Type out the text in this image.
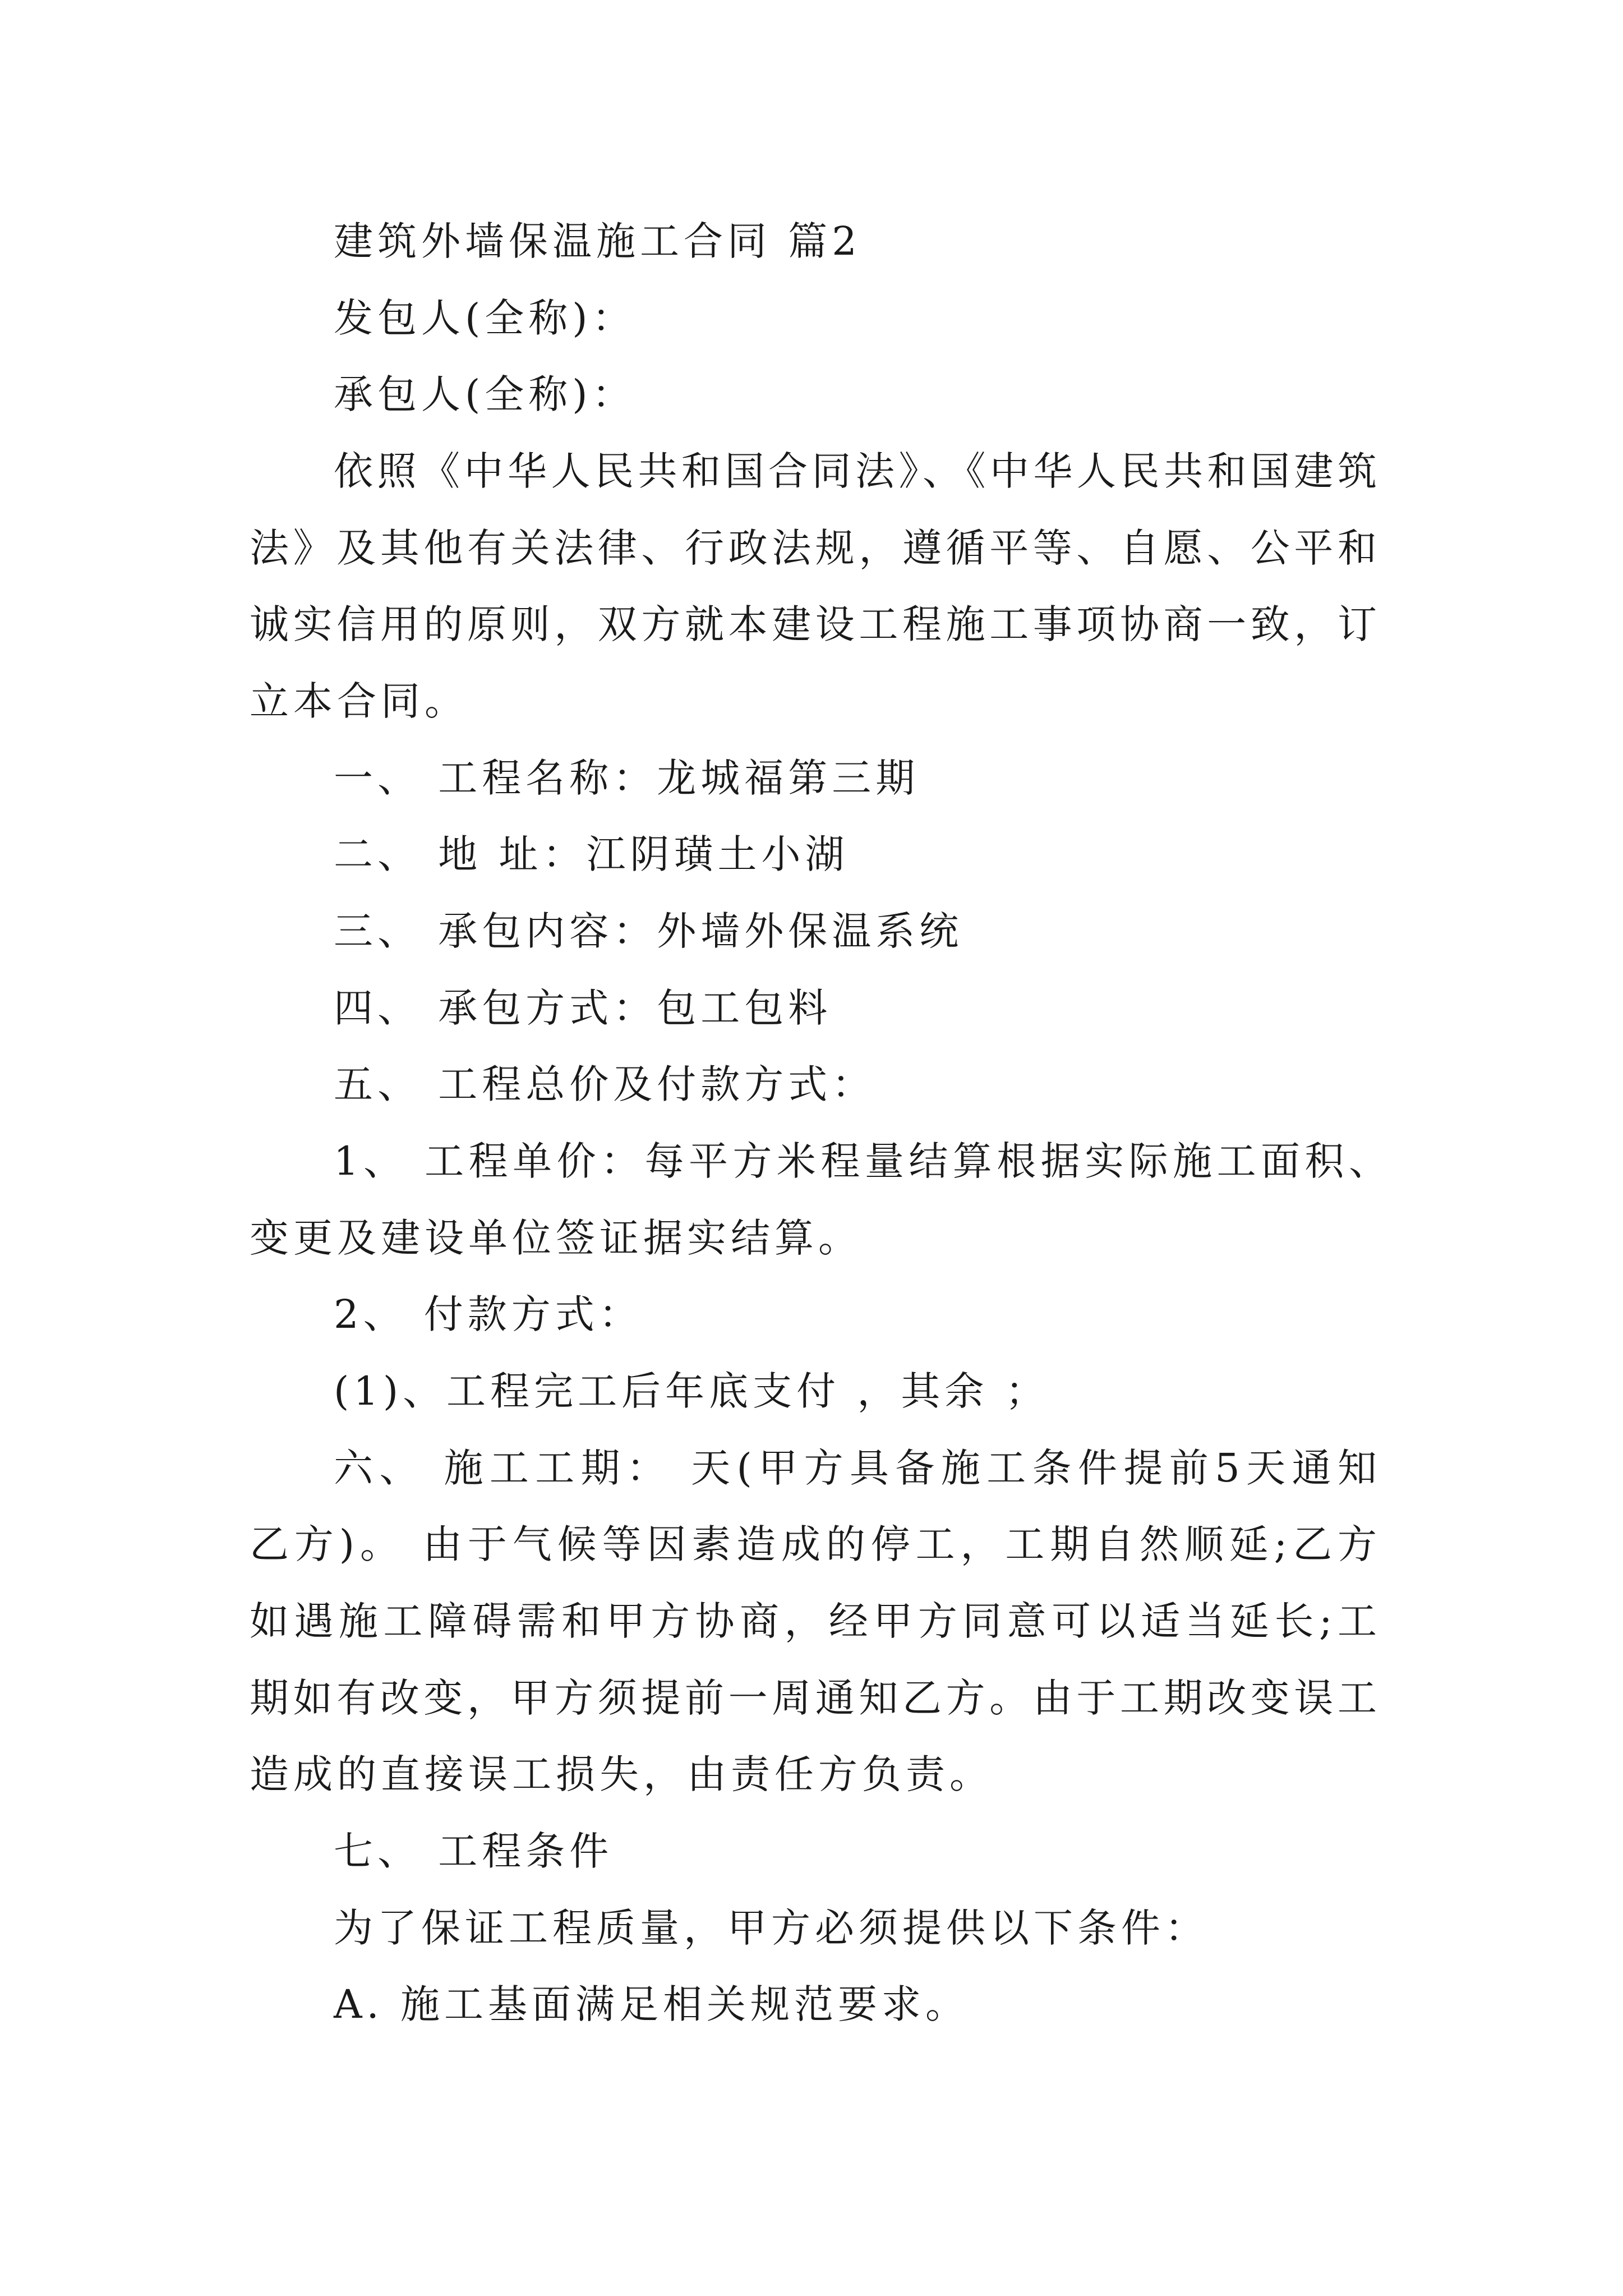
建筑外墙保温施工合同 篇2
发包人(全称)：
承包人(全称)：
依照《中华人民共和国合同法》、《中华人民共和国建筑
法》及其他有关法律、行政法规，遵循平等、自愿、公平和
诚实信用的原则，双方就本建设工程施工事项协商一致，订
立本合同。
一、 工程名称：龙城福第三期
二、 地 址：江阴璜土小湖
三、 承包内容：外墙外保温系统
四、 承包方式：包工包料
五、 工程总价及付款方式：
1、 工程单价：每平方米程量结算根据实际施工面积、
变更及建设单位签证据实结算。
2、 付款方式：
(1)、工程完工后年底支付 ，其余 ；
六、 施工工期： 天(甲方具备施工条件提前5天通知
乙方)。 由于气候等因素造成的停工，工期自然顺延;乙方
如遇施工障碍需和甲方协商，经甲方同意可以适当延长;工
期如有改变，甲方须提前一周通知乙方。由于工期改变误工
造成的直接误工损失，由责任方负责。
七、 工程条件
为了保证工程质量，甲方必须提供以下条件：
A. 施工基面满足相关规范要求。
